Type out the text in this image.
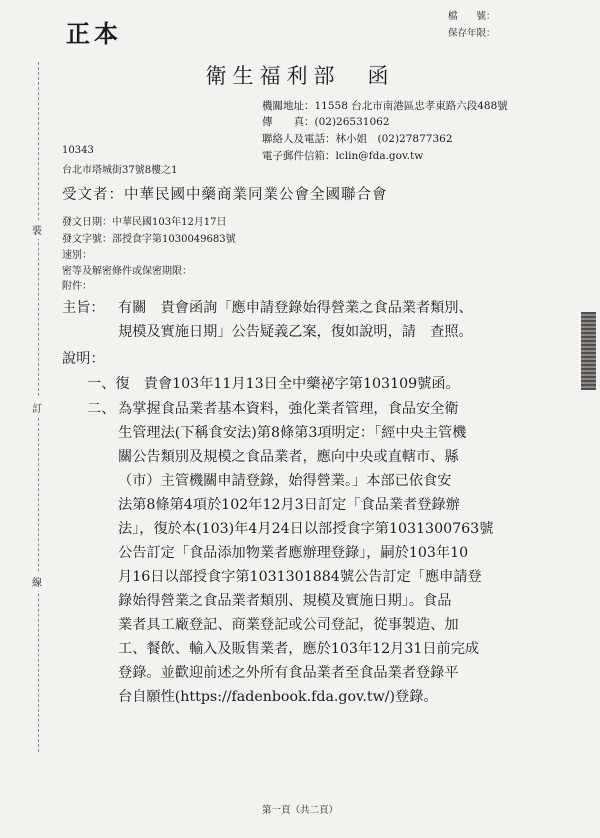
裝
訂
線
正本
檔　　號：
保存年限：
衛生福利部　函
機關地址：11558 台北市南港區忠孝東路六段488號
傳　　真：(02)26531062
聯絡人及電話：林小姐　(02)27877362
電子郵件信箱：lclin@fda.gov.tw
10343
台北市塔城街37號8樓之1
受文者：中華民國中藥商業同業公會全國聯合會
發文日期：中華民國103年12月17日
發文字號：部授食字第1030049683號
速別：
密等及解密條件或保密期限：
附件：
主旨： 有關　貴會函詢「應申請登錄始得營業之食品業者類別、
規模及實施日期」公告疑義乙案，復如說明，請　查照。
說明：
一、復　貴會103年11月13日全中藥祕字第103109號函。
二、 為掌握食品業者基本資料，強化業者管理，食品安全衛
生管理法(下稱食安法)第8條第3項明定：「經中央主管機
關公告類別及規模之食品業者，應向中央或直轄市、縣
（市）主管機關申請登錄，始得營業。」本部已依食安
法第8條第4項於102年12月3日訂定「食品業者登錄辦
法」，復於本(103)年4月24日以部授食字第1031300763號
公告訂定「食品添加物業者應辦理登錄」，嗣於103年10
月16日以部授食字第1031301884號公告訂定「應申請登
錄始得營業之食品業者類別、規模及實施日期」。食品
業者具工廠登記、商業登記或公司登記，從事製造、加
工、餐飲、輸入及販售業者，應於103年12月31日前完成
登錄。並歡迎前述之外所有食品業者至食品業者登錄平
台自願性(https://fadenbook.fda.gov.tw/)登錄。
第一頁（共二頁）
